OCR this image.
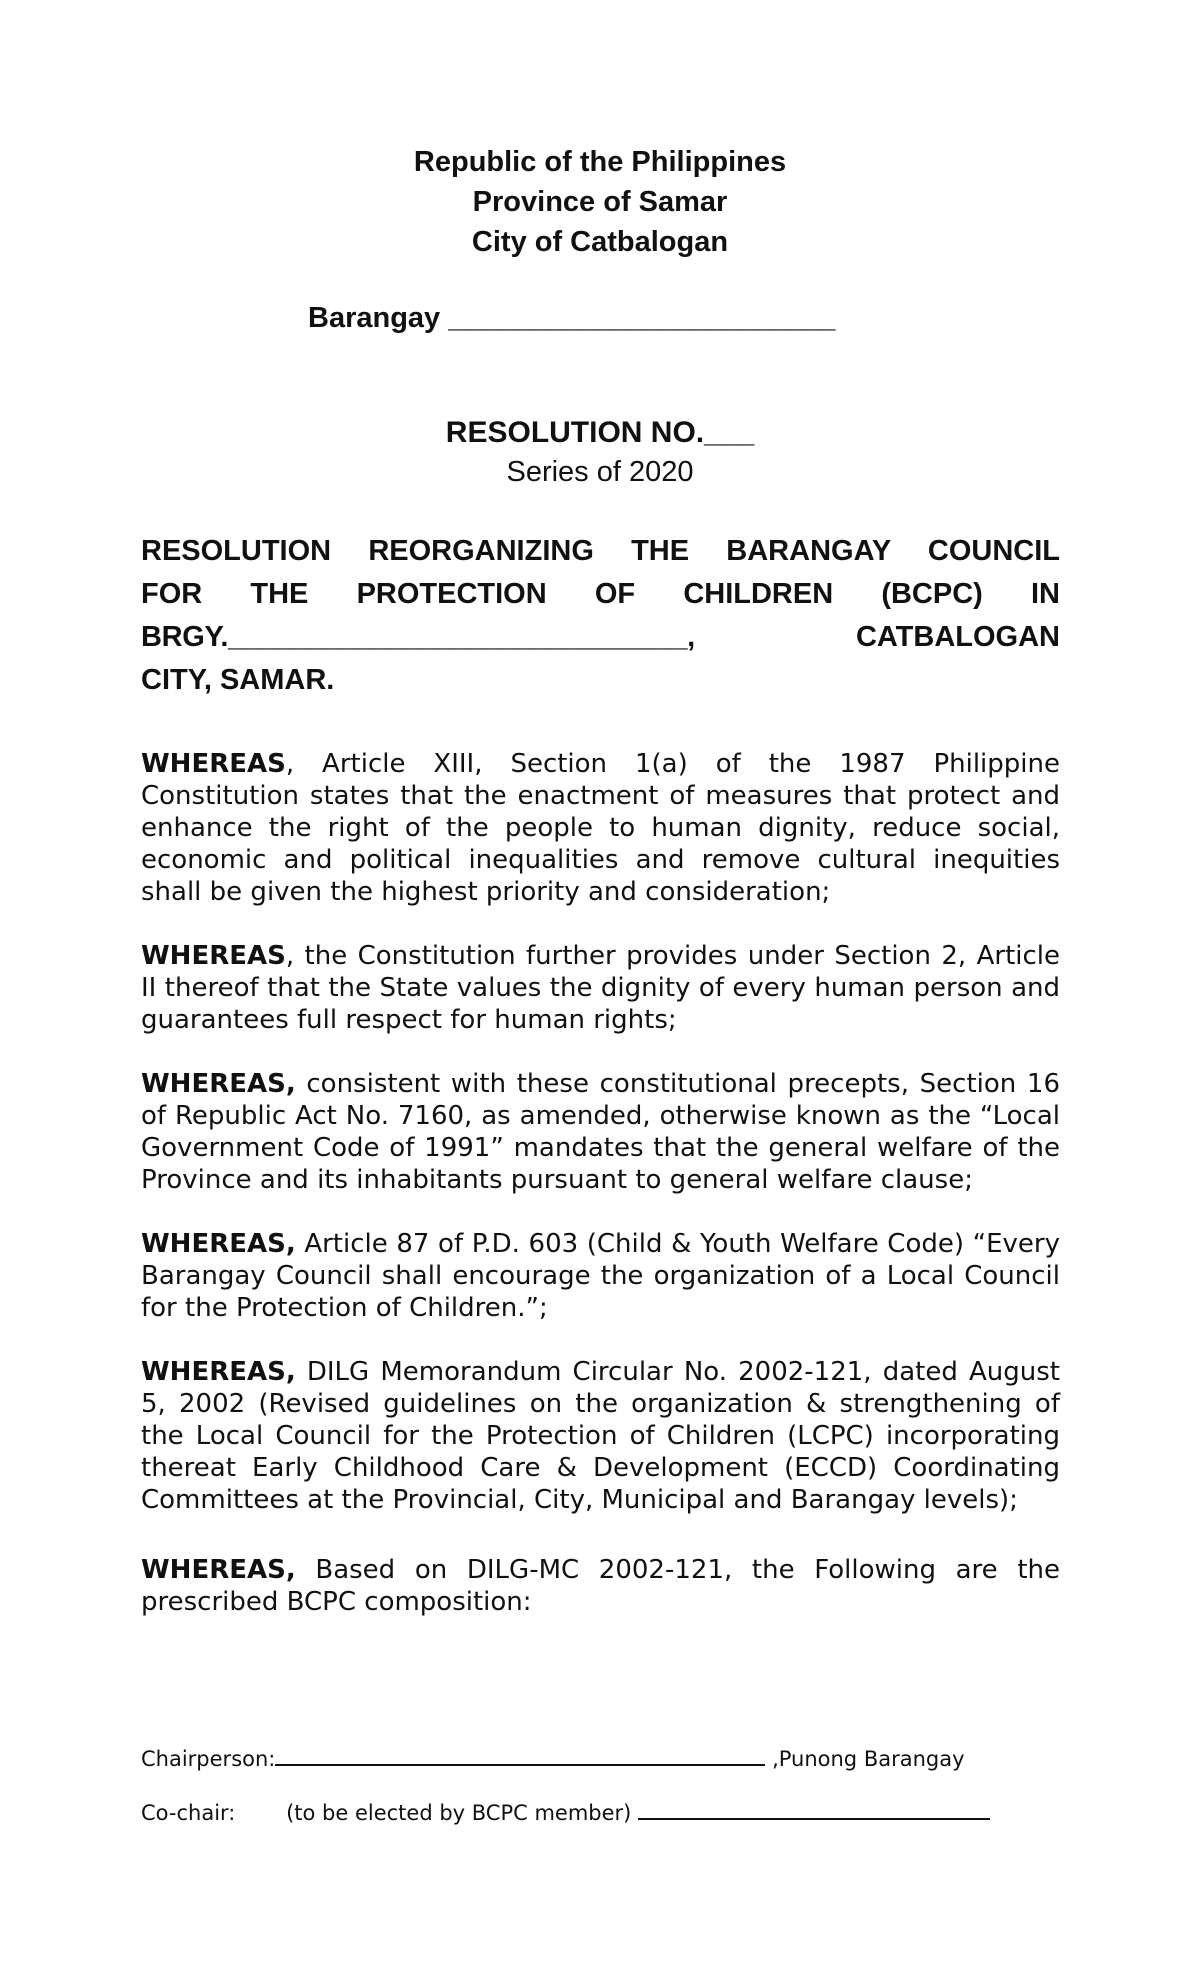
Republic of the Philippines
Province of Samar
City of Catbalogan
Barangay ________________________
RESOLUTION NO.___
Series of 2020
RESOLUTION REORGANIZING THE BARANGAY COUNCIL
FOR THE PROTECTION OF CHILDREN (BCPC) IN
BRGY._____________________________,	CATBALOGAN
CITY, SAMAR.

WHEREAS, Article XIII, Section 1(a) of the 1987 Philippine Constitution states that the enactment of measures that protect and enhance the right of the people to human dignity, reduce social, economic and political inequalities and remove cultural inequities shall be given the highest priority and consideration;

WHEREAS, the Constitution further provides under Section 2, Article II thereof that the State values the dignity of every human person and guarantees full respect for human rights;

WHEREAS, consistent with these constitutional precepts, Section 16 of Republic Act No. 7160, as amended, otherwise known as the “Local Government Code of 1991” mandates that the general welfare of the Province and its inhabitants pursuant to general welfare clause;

WHEREAS, Article 87 of P.D. 603 (Child & Youth Welfare Code) “Every Barangay Council shall encourage the organization of a Local Council for the Protection of Children.”;

WHEREAS, DILG Memorandum Circular No. 2002-121, dated August 5, 2002 (Revised guidelines on the organization & strengthening of the Local Council for the Protection of Children (LCPC) incorporating thereat Early Childhood Care & Development (ECCD) Coordinating Committees at the Provincial, City, Municipal and Barangay levels);

WHEREAS, Based on DILG-MC 2002-121, the Following are the prescribed BCPC composition:

Chairperson:	,Punong Barangay
Co-chair: (to be elected by BCPC member)
